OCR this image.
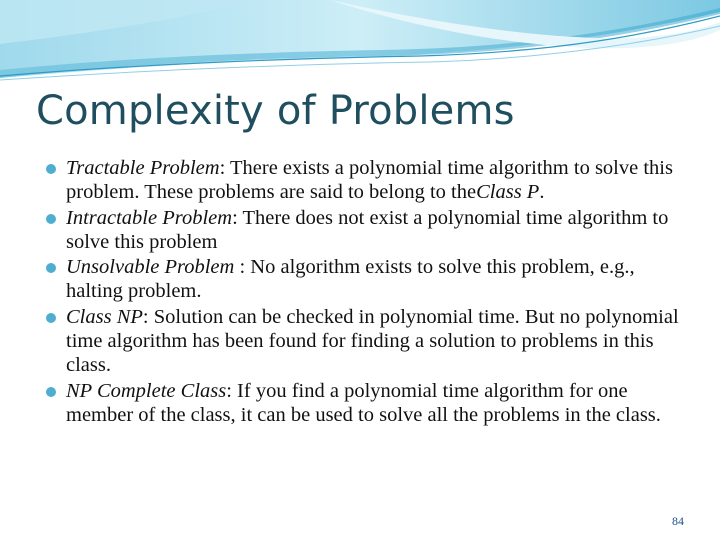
Complexity of Problems
Tractable Problem: There exists a polynomial time algorithm to solve this problem. These problems are said to belong to theClass P.
Intractable Problem: There does not exist a polynomial time algorithm to solve this problem
Unsolvable Problem : No algorithm exists to solve this problem, e.g., halting problem.
Class NP: Solution can be checked in polynomial time. But no polynomial time algorithm has been found for finding a solution to problems in this class.
NP Complete Class: If you find a polynomial time algorithm for one member of the class, it can be used to solve all the problems in the class.
84
